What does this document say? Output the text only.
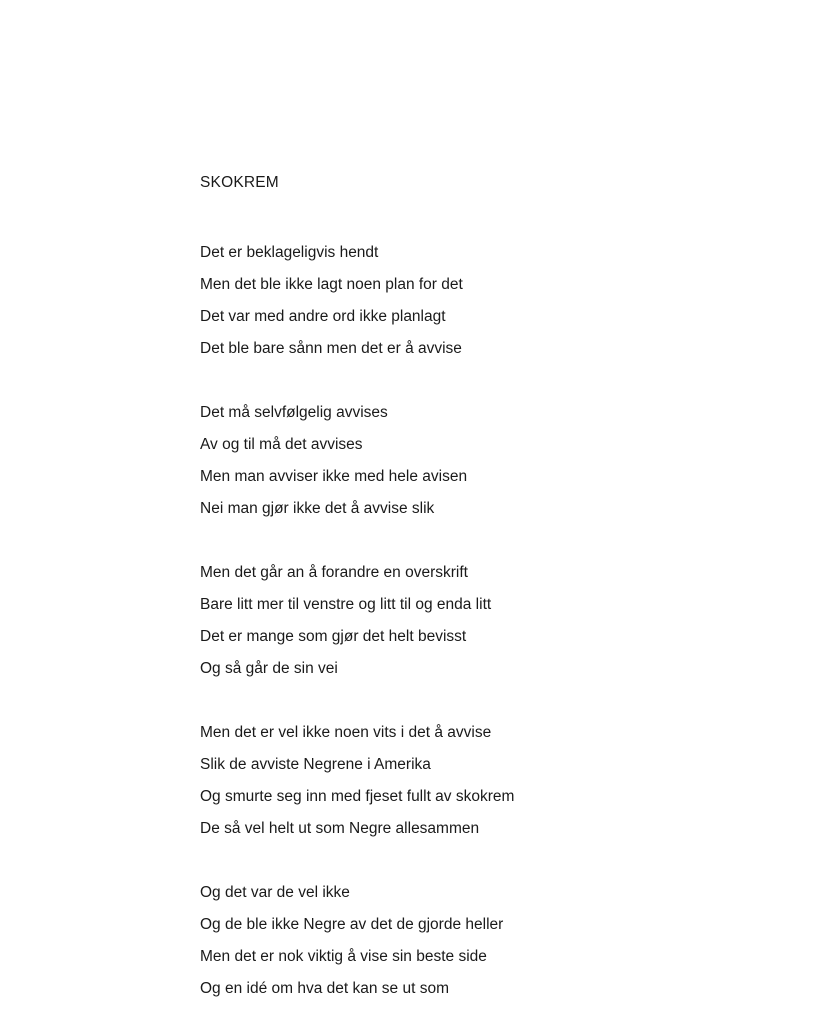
SKOKREM
Det er beklageligvis hendt
Men det ble ikke lagt noen plan for det
Det var med andre ord ikke planlagt
Det ble bare sånn men det er å avvise
Det må selvfølgelig avvises
Av og til må det avvises
Men man avviser ikke med hele avisen
Nei man gjør ikke det å avvise slik
Men det går an å forandre en overskrift
Bare litt mer til venstre og litt til og enda litt
Det er mange som gjør det helt bevisst
Og så går de sin vei
Men det er vel ikke noen vits i det å avvise
Slik de avviste Negrene i Amerika
Og smurte seg inn med fjeset fullt av skokrem
De så vel helt ut som Negre allesammen
Og det var de vel ikke
Og de ble ikke Negre av det de gjorde heller
Men det er nok viktig å vise sin beste side
Og en idé om hva det kan se ut som
